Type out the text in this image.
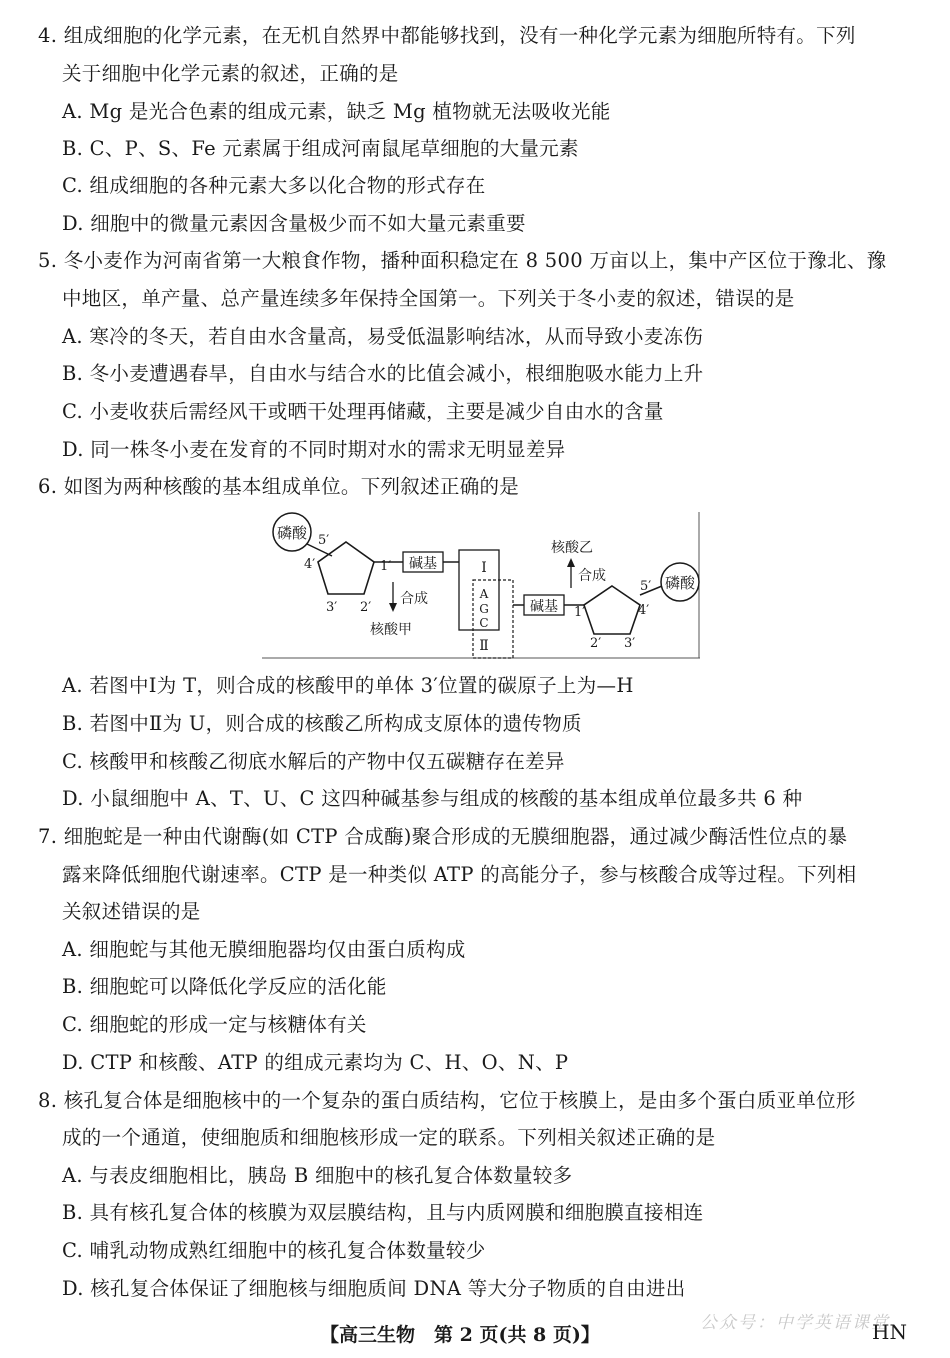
4. 组成细胞的化学元素，在无机自然界中都能够找到，没有一种化学元素为细胞所特有。下列
关于细胞中化学元素的叙述，正确的是
A. Mg 是光合色素的组成元素，缺乏 Mg 植物就无法吸收光能
B. C、P、S、Fe 元素属于组成河南鼠尾草细胞的大量元素
C. 组成细胞的各种元素大多以化合物的形式存在
D. 细胞中的微量元素因含量极少而不如大量元素重要
5. 冬小麦作为河南省第一大粮食作物，播种面积稳定在 8 500 万亩以上，集中产区位于豫北、豫
中地区，单产量、总产量连续多年保持全国第一。下列关于冬小麦的叙述，错误的是
A. 寒冷的冬天，若自由水含量高，易受低温影响结冰，从而导致小麦冻伤
B. 冬小麦遭遇春旱，自由水与结合水的比值会减小，根细胞吸水能力上升
C. 小麦收获后需经风干或晒干处理再储藏，主要是减少自由水的含量
D. 同一株冬小麦在发育的不同时期对水的需求无明显差异
6. 如图为两种核酸的基本组成单位。下列叙述正确的是
磷酸 5′
4′
3′ 2′
1′ 碱基
合成
核酸甲
Ⅰ
A
G
C
Ⅱ
碱基 1′
2′ 3′
4′
5′ 磷酸
合成
核酸乙
A. 若图中Ⅰ为 T，则合成的核酸甲的单体 3′位置的碳原子上为—H
B. 若图中Ⅱ为 U，则合成的核酸乙所构成支原体的遗传物质
C. 核酸甲和核酸乙彻底水解后的产物中仅五碳糖存在差异
D. 小鼠细胞中 A、T、U、C 这四种碱基参与组成的核酸的基本组成单位最多共 6 种
7. 细胞蛇是一种由代谢酶(如 CTP 合成酶)聚合形成的无膜细胞器，通过减少酶活性位点的暴
露来降低细胞代谢速率。CTP 是一种类似 ATP 的高能分子，参与核酸合成等过程。下列相
关叙述错误的是
A. 细胞蛇与其他无膜细胞器均仅由蛋白质构成
B. 细胞蛇可以降低化学反应的活化能
C. 细胞蛇的形成一定与核糖体有关
D. CTP 和核酸、ATP 的组成元素均为 C、H、O、N、P
8. 核孔复合体是细胞核中的一个复杂的蛋白质结构，它位于核膜上，是由多个蛋白质亚单位形
成的一个通道，使细胞质和细胞核形成一定的联系。下列相关叙述正确的是
A. 与表皮细胞相比，胰岛 B 细胞中的核孔复合体数量较多
B. 具有核孔复合体的核膜为双层膜结构，且与内质网膜和细胞膜直接相连
C. 哺乳动物成熟红细胞中的核孔复合体数量较少
D. 核孔复合体保证了细胞核与细胞质间 DNA 等大分子物质的自由进出
公众号：中学英语课堂
【高三生物　第 2 页(共 8 页)】	HN
